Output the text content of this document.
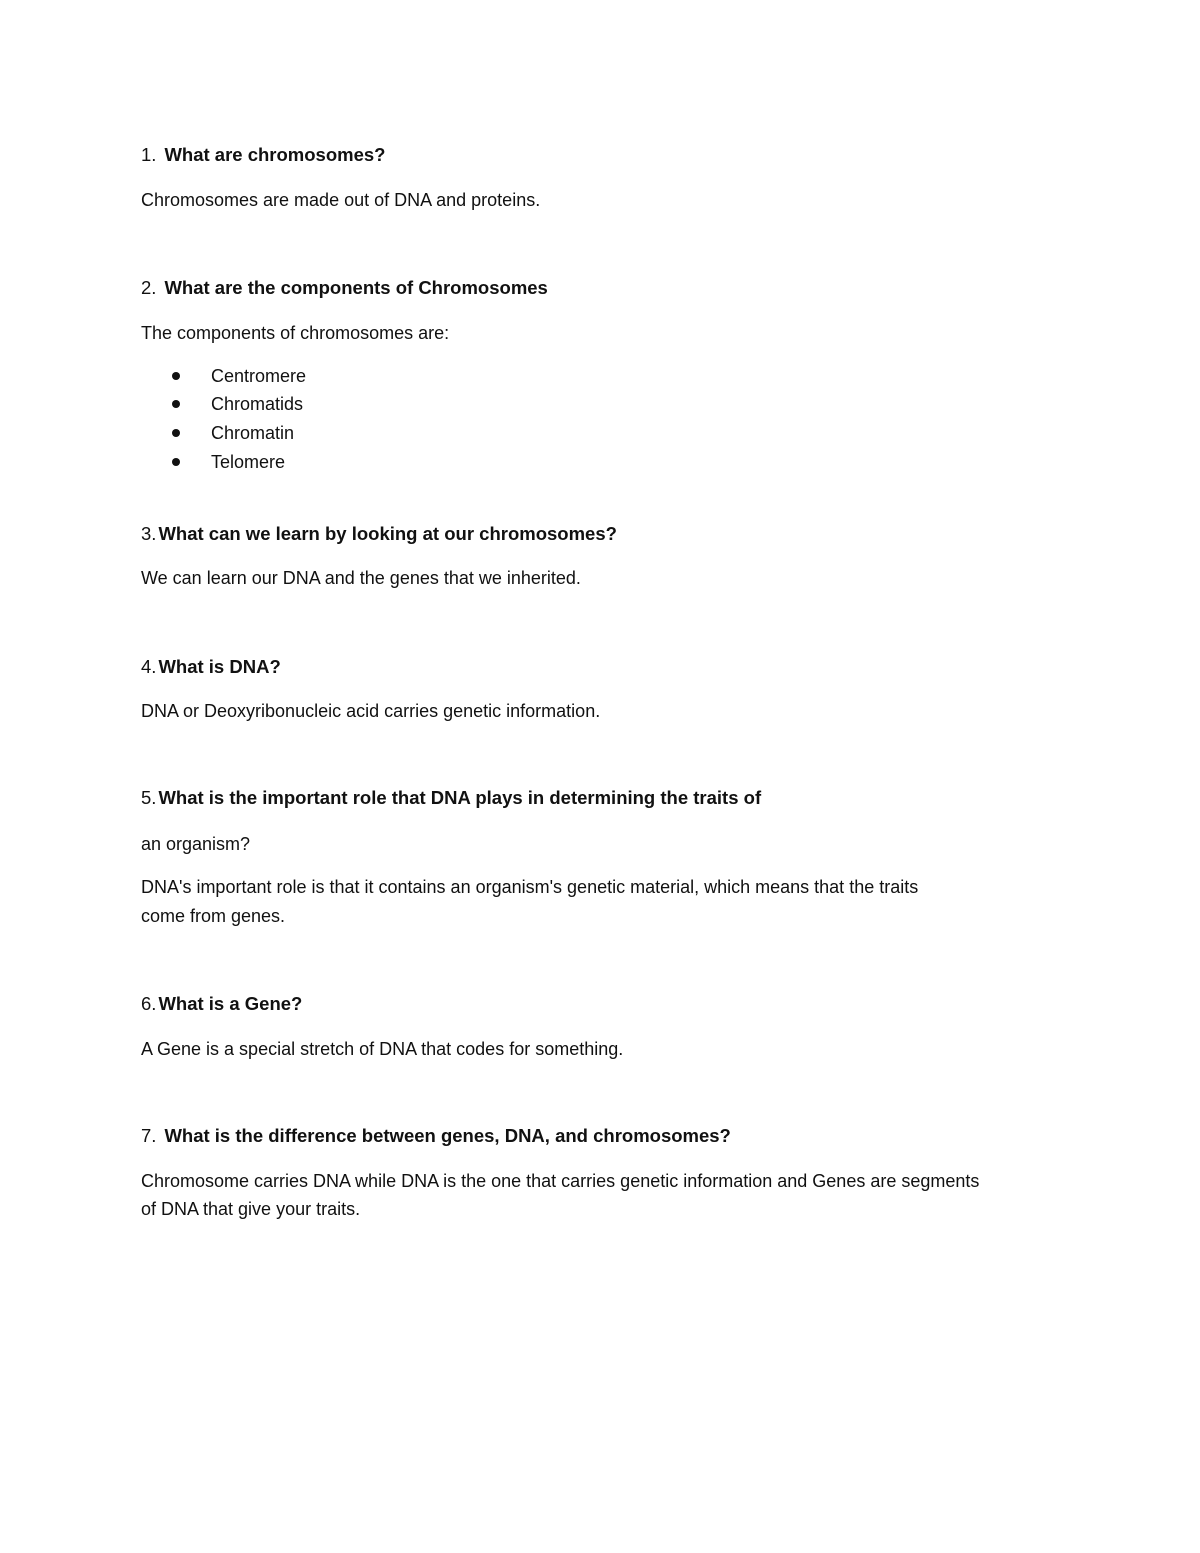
1. What are chromosomes?
Chromosomes are made out of DNA and proteins.
2. What are the components of Chromosomes
The components of chromosomes are:
Centromere
Chromatids
Chromatin
Telomere
3. What can we learn by looking at our chromosomes?
We can learn our DNA and the genes that we inherited.
4. What is DNA?
DNA or Deoxyribonucleic acid carries genetic information.
5. What is the important role that DNA plays in determining the traits of
an organism?
DNA's important role is that it contains an organism's genetic material, which means that the traits
come from genes.
6. What is a Gene?
A Gene is a special stretch of DNA that codes for something.
7. What is the difference between genes, DNA, and chromosomes?
Chromosome carries DNA while DNA is the one that carries genetic information and Genes are segments
of DNA that give your traits.
